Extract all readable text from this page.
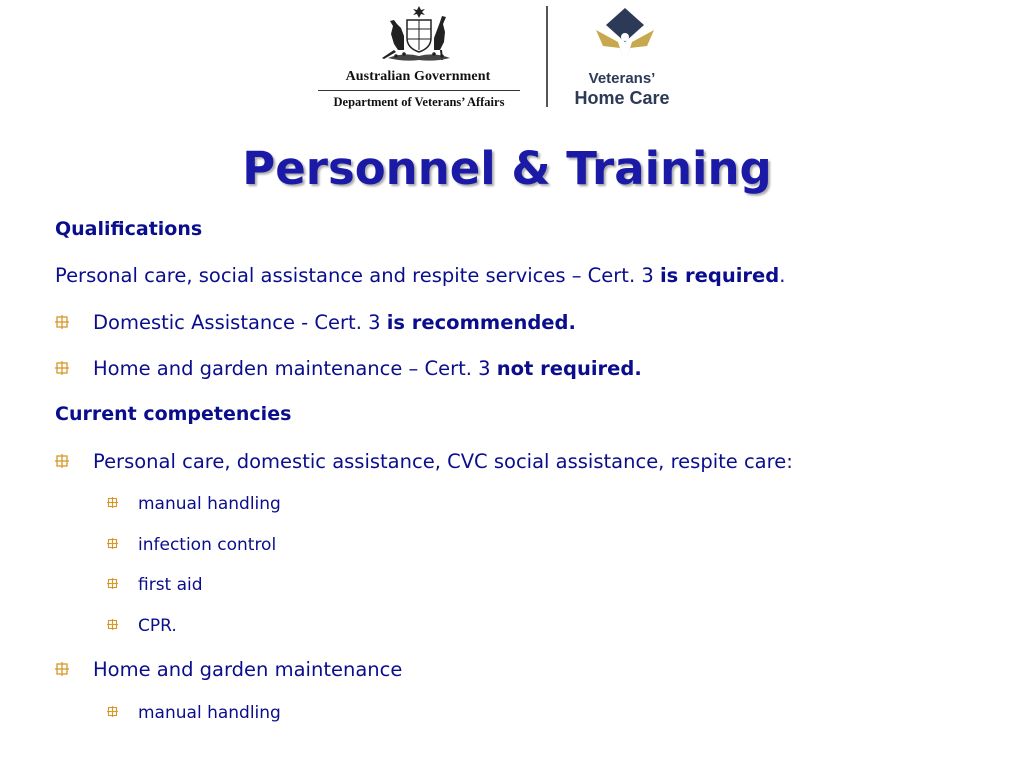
Australian Government
Department of Veterans’ Affairs
Veterans’
Home Care
Personnel & Training
Qualifications
Personal care, social assistance and respite services – Cert. 3 is required.
Domestic Assistance - Cert. 3 is recommended.
Home and garden maintenance – Cert. 3 not required.
Current competencies
Personal care, domestic assistance, CVC social assistance, respite care:
manual handling
infection control
first aid
CPR.
Home and garden maintenance
manual handling
